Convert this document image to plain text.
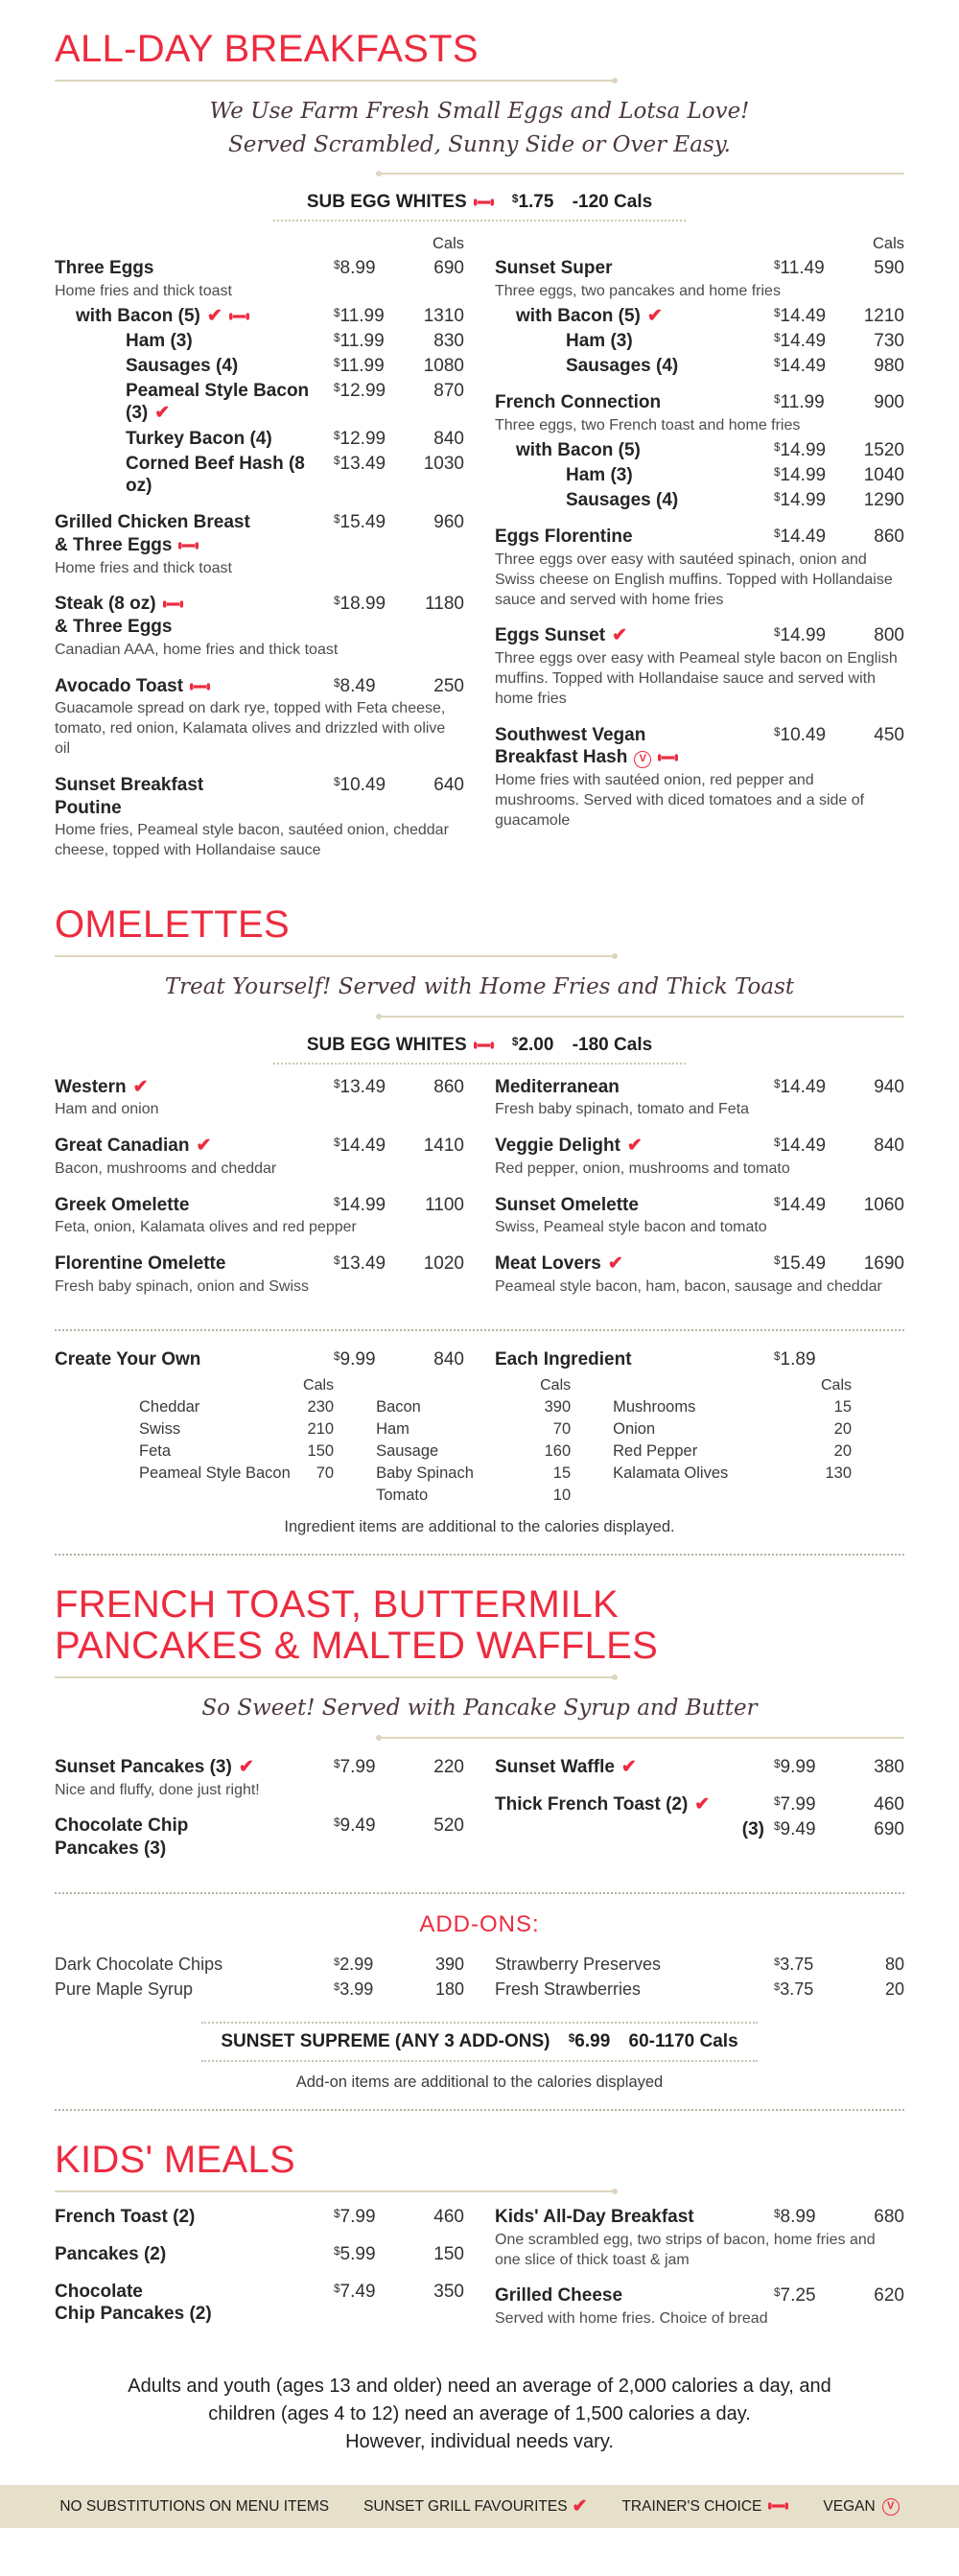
ALL-DAY BREAKFASTS
We Use Farm Fresh Small Eggs and Lotsa Love!
Served Scrambled, Sunny Side or Over Easy.
SUB EGG WHITES	$1.75 -120 Cals
Cals
Three Eggs	$8.99	690
Home fries and thick toast
with Bacon (5) ✔	$11.99	1310
Ham (3)	$11.99	830
Sausages (4)	$11.99	1080
Peameal Style Bacon (3) ✔
$12.99	870
Turkey Bacon (4)	$12.99	840
Corned Beef Hash (8 oz)
$13.49	1030
Grilled Chicken Breast
& Three Eggs
$15.49	960
Home fries and thick toast
Steak (8 oz)
& Three Eggs
$18.99	1180
Canadian AAA, home fries and thick toast
Avocado Toast	$8.49	250
Guacamole spread on dark rye, topped with Feta cheese, tomato, red onion, Kalamata olives and drizzled with olive oil
Sunset Breakfast
Poutine
$10.49	640
Home fries, Peameal style bacon, sautéed onion, cheddar cheese, topped with Hollandaise sauce
Cals
Sunset Super	$11.49	590
Three eggs, two pancakes and home fries
with Bacon (5) ✔	$14.49	1210
Ham (3)	$14.49	730
Sausages (4)	$14.49	980
French Connection	$11.99	900
Three eggs, two French toast and home fries
with Bacon (5)	$14.99	1520
Ham (3)	$14.99	1040
Sausages (4)	$14.99	1290
Eggs Florentine	$14.49	860
Three eggs over easy with sautéed spinach, onion and Swiss cheese on English muffins. Topped with Hollandaise sauce and served with home fries
Eggs Sunset ✔	$14.99	800
Three eggs over easy with Peameal style bacon on English muffins. Topped with Hollandaise sauce and served with home fries
Southwest Vegan
Breakfast Hash V
$10.49	450
Home fries with sautéed onion, red pepper and mushrooms. Served with diced tomatoes and a side of guacamole
OMELETTES
Treat Yourself! Served with Home Fries and Thick Toast
SUB EGG WHITES	$2.00 -180 Cals
Western ✔	$13.49	860
Ham and onion
Great Canadian ✔	$14.49	1410
Bacon, mushrooms and cheddar
Greek Omelette	$14.99	1100
Feta, onion, Kalamata olives and red pepper
Florentine Omelette	$13.49	1020
Fresh baby spinach, onion and Swiss
Mediterranean	$14.49	940
Fresh baby spinach, tomato and Feta
Veggie Delight ✔	$14.49	840
Red pepper, onion, mushrooms and tomato
Sunset Omelette	$14.49	1060
Swiss, Peameal style bacon and tomato
Meat Lovers ✔	$15.49	1690
Peameal style bacon, ham, bacon, sausage and cheddar
Create Your Own	$9.99	840 Each Ingredient	$1.89
Cals
Cheddar	230
Swiss	210
Feta	150
Peameal Style Bacon	70
Cals
Bacon	390
Ham	70
Sausage	160
Baby Spinach	15
Tomato	10
Cals
Mushrooms	15
Onion	20
Red Pepper	20
Kalamata Olives	130
Ingredient items are additional to the calories displayed.
FRENCH TOAST, BUTTERMILK
PANCAKES & MALTED WAFFLES
So Sweet! Served with Pancake Syrup and Butter
Sunset Pancakes (3) ✔	$7.99	220
Nice and fluffy, done just right!
Chocolate Chip
Pancakes (3)
$9.49	520
Sunset Waffle ✔	$9.99	380
Thick French Toast (2) ✔	$7.99	460
(3) $9.49	690
ADD-ONS:
Dark Chocolate Chips	$2.99	390
Pure Maple Syrup	$3.99	180
Strawberry Preserves	$3.75	80
Fresh Strawberries	$3.75	20
SUNSET SUPREME (ANY 3 ADD-ONS) $6.99 60-1170 Cals
Add-on items are additional to the calories displayed
KIDS' MEALS
French Toast (2)	$7.99	460
Pancakes (2)	$5.99	150
Chocolate
Chip Pancakes (2)
$7.49	350
Kids' All-Day Breakfast	$8.99	680
One scrambled egg, two strips of bacon, home fries and one slice of thick toast & jam
Grilled Cheese	$7.25	620
Served with home fries. Choice of bread
Adults and youth (ages 13 and older) need an average of 2,000 calories a day, and
children (ages 4 to 12) need an average of 1,500 calories a day.
However, individual needs vary.
NO SUBSTITUTIONS ON MENU ITEMS SUNSET GRILL FAVOURITES ✔ TRAINER'S CHOICE	VEGAN	V
